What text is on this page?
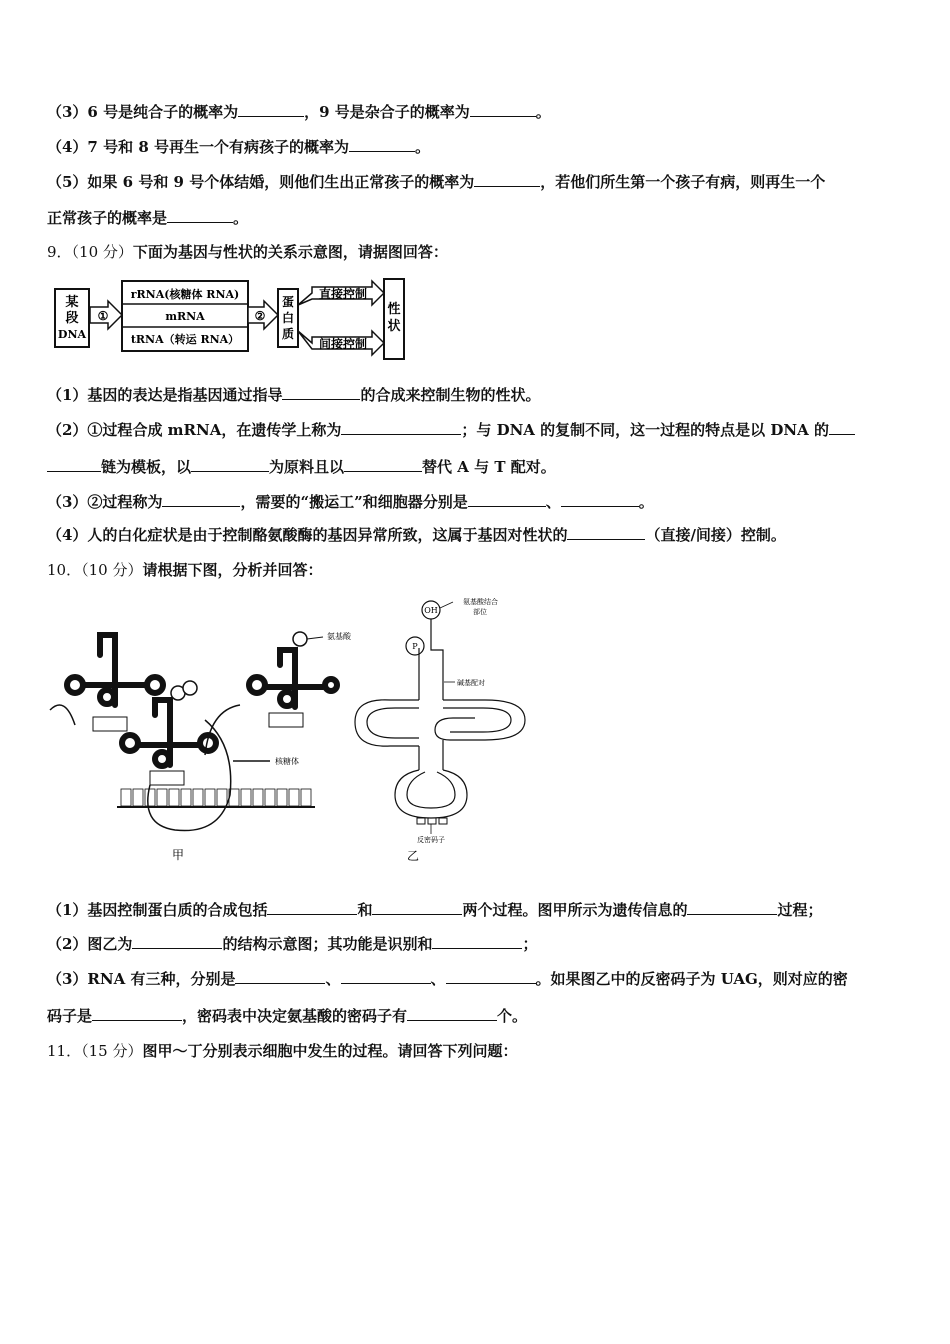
（3）6 号是纯合子的概率为	，9 号是杂合子的概率为	。
（4）7 号和 8 号再生一个有病孩子的概率为	。
（5）如果 6 号和 9 号个体结婚，则他们生出正常孩子的概率为	，若他们所生第一个孩子有病，则再生一个
正常孩子的概率是	。
9．（10 分）下面为基因与性状的关系示意图，请据图回答：
某
段
DNA
①
rRNA(核糖体 RNA)
mRNA
tRNA（转运 RNA）
②
蛋
白
质
直接控制
间接控制
性
状
（1）基因的表达是指基因通过指导	的合成来控制生物的性状。
（2）①过程合成 mRNA，在遗传学上称为	；与 DNA 的复制不同，这一过程的特点是以 DNA 的
链为模板，以	为原料且以	替代 A 与 T 配对。
（3）②过程称为	，需要的“搬运工”和细胞器分别是	、	。
（4）人的白化症状是由于控制酪氨酸酶的基因异常所致，这属于基因对性状的	（直接/间接）控制。
10．（10 分）请根据下图，分析并回答：
氨基酸
核糖体
甲
OH
P
氨基酸结合
部位
碱基配对
反密码子
乙
（1）基因控制蛋白质的合成包括	和	两个过程。图甲所示为遗传信息的	过程；
（2）图乙为	的结构示意图；其功能是识别和	；
（3）RNA 有三种，分别是	、	、	。如果图乙中的反密码子为 UAG，则对应的密
码子是	，密码表中决定氨基酸的密码子有	个。
11．（15 分）图甲～丁分别表示细胞中发生的过程。请回答下列问题：
